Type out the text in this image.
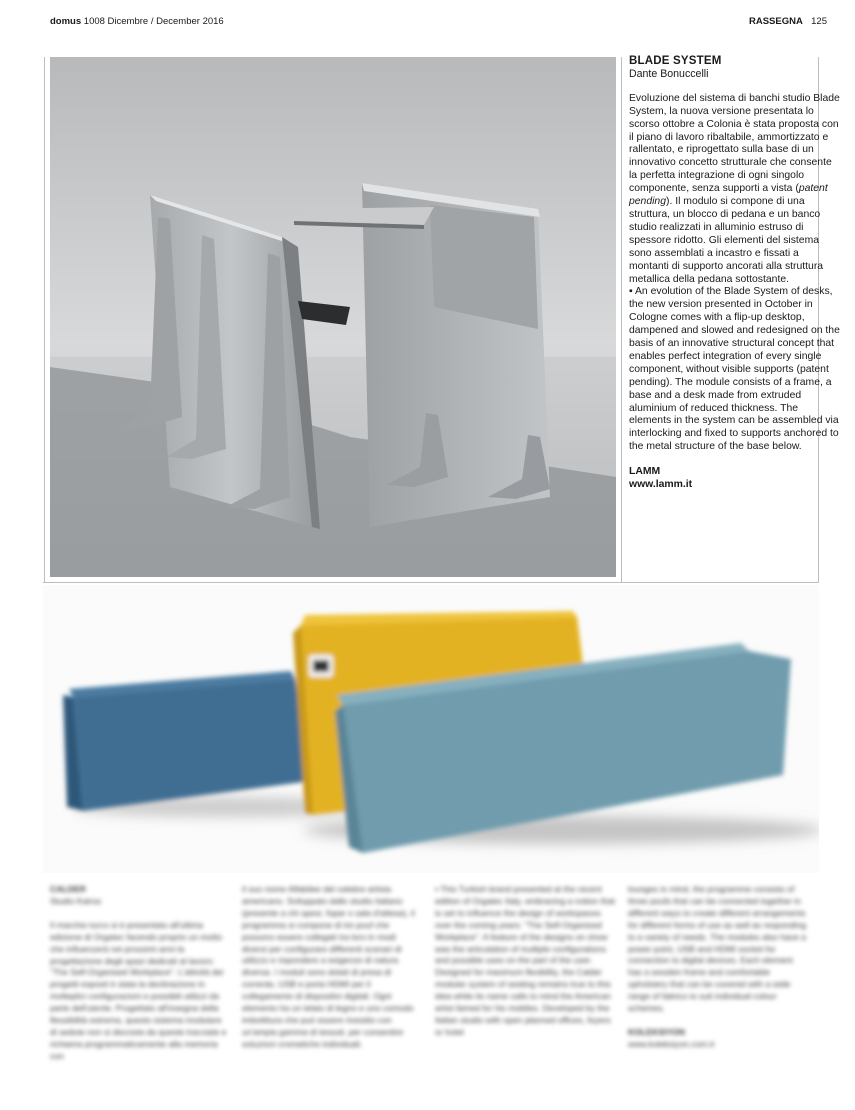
domus 1008 Dicembre / December 2016	RASSEGNA 125
BLADE SYSTEM
Dante Bonuccelli

Evoluzione del sistema di banchi studio Blade System, la nuova versione presentata lo scorso ottobre a Colonia è stata proposta con il piano di lavoro ribaltabile, ammortizzato e rallentato, e riprogettato sulla base di un innovativo concetto strutturale che consente la perfetta integrazione di ogni singolo componente, senza supporti a vista (patent pending). Il modulo si compone di una struttura, un blocco di pedana e un banco studio realizzati in alluminio estruso di spessore ridotto. Gli elementi del sistema sono assemblati a incastro e fissati a montanti di supporto ancorati alla struttura metallica della pedana sottostante.

▪ An evolution of the Blade System of desks, the new version presented in October in Cologne comes with a flip-up desktop, dampened and slowed and redesigned on the basis of an innovative structural concept that enables perfect integration of every single component, without visible supports (patent pending). The module consists of a frame, a base and a desk made from extruded aluminium of reduced thickness. The elements in the system can be assembled via interlocking and fixed to supports anchored to the metal structure of the base below.

LAMM
www.lamm.it
CALDER
Studio Kairos

Il marchio turco si è presentato all'ultima edizione di Orgatec facendo proprio un motto che influenzerà nei prossimi anni la progettazione degli spazi dedicati al lavoro: "The Self-Organised Workplace". L'attività dei progetti esposti è stata la declinazione in molteplici configurazioni e possibili utilizzi da parte dell'utente. Progettato all'insegna della flessibilità estrema, questo sistema modulare di sedute non si discosta da queste tracciate e richiama programmaticamente alla memoria con

il suo nome Alfabilee del celebre artista americano. Sviluppato dallo studio italiano (presente a chi spesi, fopar o sala d'attesa), il programma si compone di tre pouf che possono essere collegati tra loro in modi diversi per configurare differenti scenari di utilizzo e rispondere a esigenze di natura diversa. I moduli sono dotati di presa di corrente, USB e porta HDMI per il collegamento di dispositivi digitali. Ogni elemento ha un telaio di legno e uno comodo imbottitura che può essere rivestito con un'ampia gamma di tessuti, per consentire soluzioni cromatiche individuali.

▪ This Turkish brand presented at the recent edition of Orgatec Italy, embracing a notion that is set to influence the design of workspaces over the coming years: "The Self-Organised Workplace". A feature of the designs on show was the articulation of multiple configurations and possible uses on the part of the user. Designed for maximum flexibility, the Calder modular system of seating remains true to this idea while its name calls to mind the American artist famed for his mobiles. Developed by the Italian studio with open planned offices, foyers or hotel

lounges in mind, the programme consists of three poufs that can be connected together in different ways to create different arrangements for different forms of use as well as responding to a variety of needs. The modules also have a power point, USB and HDMI socket for connection to digital devices. Each element has a wooden frame and comfortable upholstery that can be covered with a wide range of fabrics to suit individual colour schemes.

KOLEKSIYON
www.koleksiyon.com.tr
